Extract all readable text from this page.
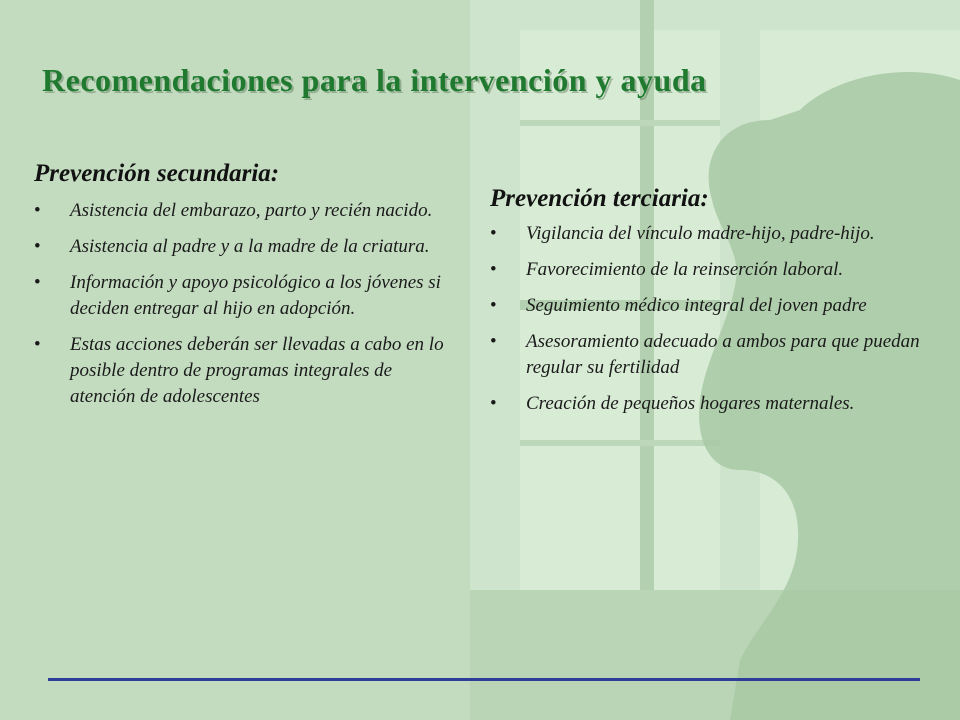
Recomendaciones para la intervención y ayuda
Prevención secundaria:
• Asistencia del embarazo, parto y recién nacido.
• Asistencia al padre y a la madre de la criatura.
• Información y apoyo psicológico a los jóvenes si deciden entregar al hijo en adopción.
• Estas acciones deberán ser llevadas a cabo en lo posible dentro de programas integrales de atención de adolescentes
Prevención terciaria:
• Vigilancia del vínculo madre-hijo, padre-hijo.
• Favorecimiento de la reinserción laboral.
• Seguimiento médico integral del joven padre
• Asesoramiento adecuado a ambos para que puedan regular su fertilidad
• Creación de pequeños hogares maternales.
